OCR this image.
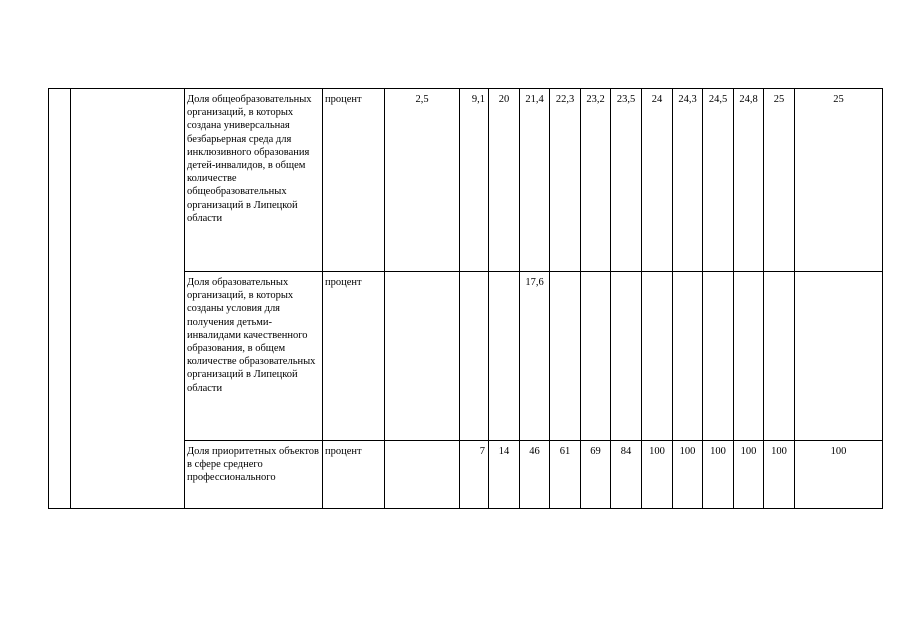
		Доля общеобразовательных организаций, в которых создана универсальная безбарьерная среда для инклюзивного образования детей-инвалидов, в общем количестве общеобразовательных организаций в Липецкой области	процент	2,5	9,1	20	21,4	22,3	23,2	23,5	24	24,3	24,5	24,8	25	25
		Доля образовательных организаций, в которых созданы условия для получения детьми-инвалидами качественного образования, в общем количестве образовательных организаций в Липецкой области	процент				17,6									
		Доля приоритетных объектов в сфере среднего профессионального	процент		7	14	46	61	69	84	100	100	100	100	100	100
